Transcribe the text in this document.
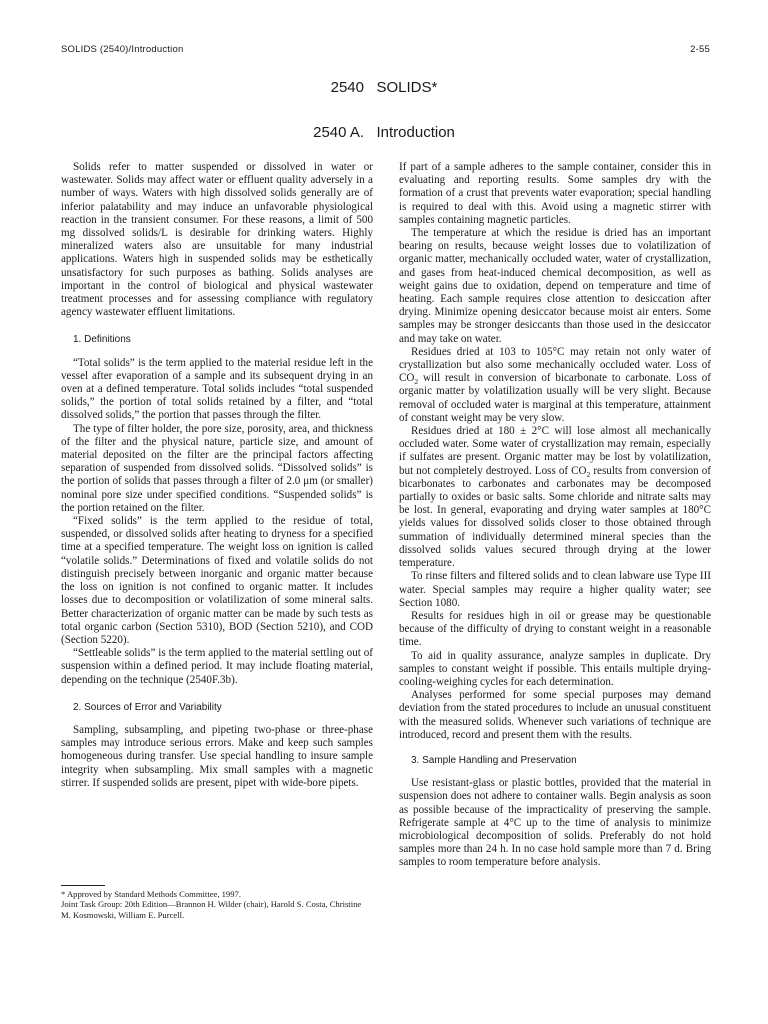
SOLIDS (2540)/Introduction	2-55
2540   SOLIDS*
2540 A.   Introduction

Solids refer to matter suspended or dissolved in water or wastewater. Solids may affect water or effluent quality adversely in a number of ways. Waters with high dissolved solids generally are of inferior palatability and may induce an unfavorable physiological reaction in the transient consumer. For these reasons, a limit of 500 mg dissolved solids/L is desirable for drinking waters. Highly mineralized waters also are unsuitable for many industrial applications. Waters high in suspended solids may be esthetically unsatisfactory for such purposes as bathing. Solids analyses are important in the control of biological and physical wastewater treatment processes and for assessing compliance with regulatory agency wastewater effluent limitations.

1. Definitions

“Total solids” is the term applied to the material residue left in the vessel after evaporation of a sample and its subsequent drying in an oven at a defined temperature. Total solids includes “total suspended solids,” the portion of total solids retained by a filter, and “total dissolved solids,” the portion that passes through the filter.

The type of filter holder, the pore size, porosity, area, and thickness of the filter and the physical nature, particle size, and amount of material deposited on the filter are the principal factors affecting separation of suspended from dissolved solids. “Dissolved solids” is the portion of solids that passes through a filter of 2.0 μm (or smaller) nominal pore size under specified conditions. “Suspended solids” is the portion retained on the filter.

“Fixed solids” is the term applied to the residue of total, suspended, or dissolved solids after heating to dryness for a specified time at a specified temperature. The weight loss on ignition is called “volatile solids.” Determinations of fixed and volatile solids do not distinguish precisely between inorganic and organic matter because the loss on ignition is not confined to organic matter. It includes losses due to decomposition or volatilization of some mineral salts. Better characterization of organic matter can be made by such tests as total organic carbon (Section 5310), BOD (Section 5210), and COD (Section 5220).

“Settleable solids” is the term applied to the material settling out of suspension within a defined period. It may include floating material, depending on the technique (2540F.3b).

2. Sources of Error and Variability

Sampling, subsampling, and pipeting two-phase or three-phase samples may introduce serious errors. Make and keep such samples homogeneous during transfer. Use special handling to insure sample integrity when subsampling. Mix small samples with a magnetic stirrer. If suspended solids are present, pipet with wide-bore pipets.

* Approved by Standard Methods Committee, 1997.
Joint Task Group: 20th Edition—Brannon H. Wilder (chair), Harold S. Costa, Christine M. Kosmowski, William E. Purcell.

If part of a sample adheres to the sample container, consider this in evaluating and reporting results. Some samples dry with the formation of a crust that prevents water evaporation; special handling is required to deal with this. Avoid using a magnetic stirrer with samples containing magnetic particles.

The temperature at which the residue is dried has an important bearing on results, because weight losses due to volatilization of organic matter, mechanically occluded water, water of crystallization, and gases from heat-induced chemical decomposition, as well as weight gains due to oxidation, depend on temperature and time of heating. Each sample requires close attention to desiccation after drying. Minimize opening desiccator because moist air enters. Some samples may be stronger desiccants than those used in the desiccator and may take on water.

Residues dried at 103 to 105°C may retain not only water of crystallization but also some mechanically occluded water. Loss of $CO_2$ will result in conversion of bicarbonate to carbonate. Loss of organic matter by volatilization usually will be very slight. Because removal of occluded water is marginal at this temperature, attainment of constant weight may be very slow.

Residues dried at 180 ± 2°C will lose almost all mechanically occluded water. Some water of crystallization may remain, especially if sulfates are present. Organic matter may be lost by volatilization, but not completely destroyed. Loss of $CO_2$ results from conversion of bicarbonates to carbonates and carbonates may be decomposed partially to oxides or basic salts. Some chloride and nitrate salts may be lost. In general, evaporating and drying water samples at 180°C yields values for dissolved solids closer to those obtained through summation of individually determined mineral species than the dissolved solids values secured through drying at the lower temperature.

To rinse filters and filtered solids and to clean labware use Type III water. Special samples may require a higher quality water; see Section 1080.

Results for residues high in oil or grease may be questionable because of the difficulty of drying to constant weight in a reasonable time.

To aid in quality assurance, analyze samples in duplicate. Dry samples to constant weight if possible. This entails multiple drying-cooling-weighing cycles for each determination.

Analyses performed for some special purposes may demand deviation from the stated procedures to include an unusual constituent with the measured solids. Whenever such variations of technique are introduced, record and present them with the results.

3. Sample Handling and Preservation

Use resistant-glass or plastic bottles, provided that the material in suspension does not adhere to container walls. Begin analysis as soon as possible because of the impracticality of preserving the sample. Refrigerate sample at 4°C up to the time of analysis to minimize microbiological decomposition of solids. Preferably do not hold samples more than 24 h. In no case hold sample more than 7 d. Bring samples to room temperature before analysis.
